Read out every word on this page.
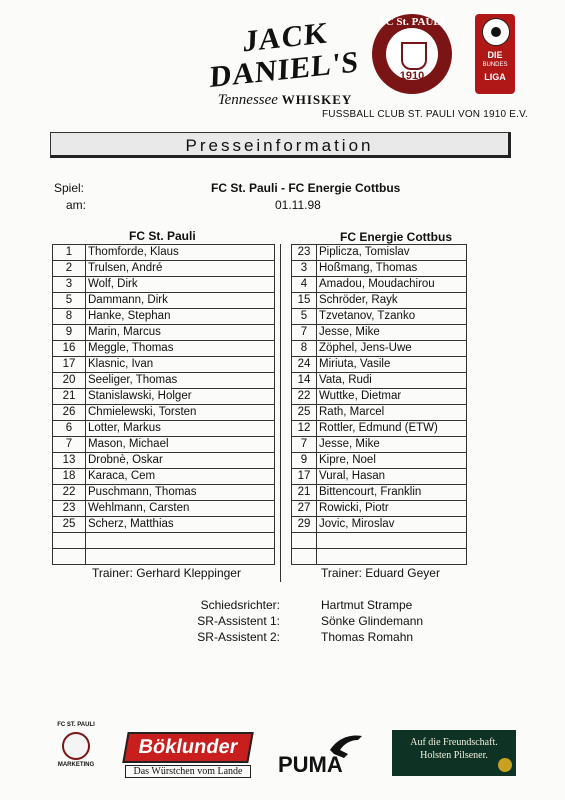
JACK DANIEL'S
Tennessee WHISKEY
FC St. PAULI
1910
DIE
BUNDES
LIGA
FUSSBALL CLUB ST. PAULI VON 1910 E.V.
Presseinformation
Spiel:	FC St. Pauli - FC Energie Cottbus
am:	01.11.98
FC St. Pauli	FC Energie Cottbus
1	Thomforde, Klaus
2	Trulsen, André
3	Wolf, Dirk
5	Dammann, Dirk
8	Hanke, Stephan
9	Marin, Marcus
16	Meggle, Thomas
17	Klasnic, Ivan
20	Seeliger, Thomas
21	Stanislawski, Holger
26	Chmielewski, Torsten
6	Lotter, Markus
7	Mason, Michael
13	Drobnè, Oskar
18	Karaca, Cem
22	Puschmann, Thomas
23	Wehlmann, Carsten
25	Scherz, Matthias

23	Piplicza, Tomislav
3	Hoßmang, Thomas
4	Amadou, Moudachirou
15	Schröder, Rayk
5	Tzvetanov, Tzanko
7	Jesse, Mike
8	Zöphel, Jens-Uwe
24	Miriuta, Vasile
14	Vata, Rudi
22	Wuttke, Dietmar
25	Rath, Marcel
12	Rottler, Edmund (ETW)
7	Jesse, Mike
9	Kipre, Noel
17	Vural, Hasan
21	Bittencourt, Franklin
27	Rowicki, Piotr
29	Jovic, Miroslav

Trainer: Gerhard Kleppinger	Trainer: Eduard Geyer
Schiedsrichter:	Hartmut Strampe
SR-Assistent 1:	Sönke Glindemann
SR-Assistent 2:	Thomas Romahn
FC ST. PAULI
MARKETING
Böklunder
Das Würstchen vom Lande	PUMA
Auf die Freundschaft.
Holsten Pilsener.
